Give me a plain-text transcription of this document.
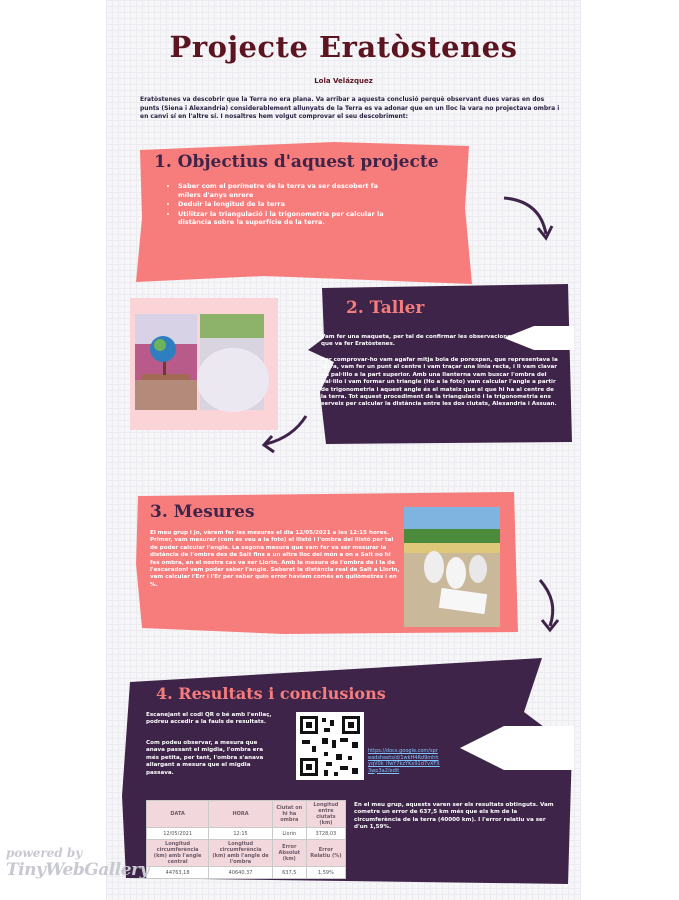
Projecte Eratòstenes
Lola Velázquez
Eratòstenes va descobrir que la Terra no era plana. Va arribar a aquesta conclusió perquè observant dues varas en dos punts (Siena i Alexandria) considerablement allunyats de la Terra es va adonar que en un lloc la vara no projectava ombra i en canvi sí en l'altre sí. I nosaltres hem volgut comprovar el seu descobriment:
1. Objectius d'aquest projecte
• Saber com el perímetre de la terra va ser descobert fa milers d'anys enrere
• Deduir la longitud de la terra
• Utilitzar la triangulació i la trigonometria per calcular la distància sobre la superfície de la terra.
2. Taller
Vam fer una maqueta, per tal de confirmar les observacions que va fer Eratòstenes.
Per comprovar-ho vam agafar mitja bola de porexpan, que representava la terra, vam fer un punt al centre i vam traçar una línia recta, i li vam clavar un pal·lilo a la part superior. Amb una llanterna vam buscar l'ombra del pal·lilo i vam formar un triangle (Ho a la foto) vam calcular l'angle a partir de trigonometria i aquest angle és el mateix que el que hi ha al centre de la terra. Tot aquest procediment de la triangulació i la trigonometria ens serveix per calcular la distància entre les dos ciutats, Alexandria i Assuan.
3. Mesures
El meu grup i jo, vàrem fer les mesures el dia 12/05/2021 a les 12:15 hores. Primer, vam mesurar (com es veu a la foto) el llistó i l'ombra del llistó per tal de poder calcular l'angle. La segona mesura que vam fer va ser mesurar la distància de l'ombra des de Salt fins a un altre lloc del món a on a Salt no hi fes ombra, en el nostre cas va ser Llorin. Amb la mesura de l'ombra de i la de l'escaradonl vam poder saber l'angle. Saberat la distància real de Salt a Llorin, vam calcular l'Err i l'Er per saber quin error havíem comès en quilòmetres i en %.
4. Resultats i conclusions
Escanejant el codi QR o bé amb l'enllaç, podreu accedir a la fauls de resultats.
Com podeu observar, a mesura que anava passant el migdia, l'ombra era més petita, per tant, l'ombra s'anava allargant a mesura que el migdia passava.
https://docs.google.com/spreadsheets/d/1wkH4Rd9mhhyqV0k_lfwY7kzYKx91d7vXFX3wp3a2/edit
DATA	HORA	Ciutat on hi ha ombra	Longitud entre ciutats (km)
12/05/2021	12:15	Llorin	3728,03
Longitud circumferència (km) amb l'angle central	Longitud circumferència (km) amb l'angle de l'ombra	Error Absolut (km)	Error Relatiu (%)
44763,18	40640,37	637,5	1,59%
En el meu grup, aquests varen ser els resultats obtinguts. Vam cometre un error de 637,5 km més que els km de la circumferència de la terra (40000 km). I l'error relatiu va ser d'un 1,59%.
powered by
TinyWebGallery
